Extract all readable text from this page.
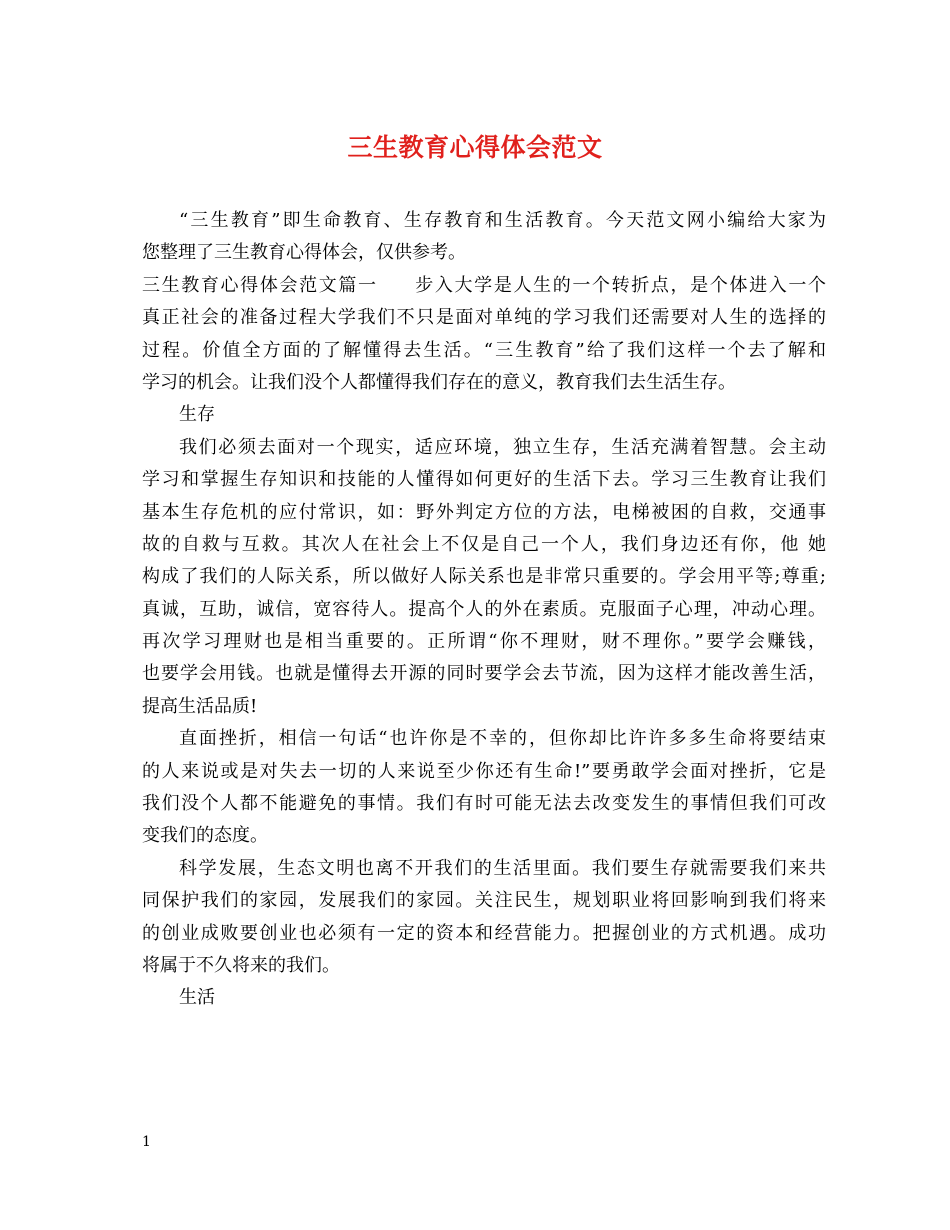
三生教育心得体会范文
“三生教育”即生命教育、生存教育和生活教育。今天范文网小编给大家为
您整理了三生教育心得体会，仅供参考。
三生教育心得体会范文篇一 步入大学是人生的一个转折点，是个体进入一个
真正社会的准备过程大学我们不只是面对单纯的学习我们还需要对人生的选择的
过程。价值全方面的了解懂得去生活。“三生教育”给了我们这样一个去了解和
学习的机会。让我们没个人都懂得我们存在的意义，教育我们去生活生存。
生存
我们必须去面对一个现实，适应环境，独立生存，生活充满着智慧。会主动
学习和掌握生存知识和技能的人懂得如何更好的生活下去。学习三生教育让我们
基本生存危机的应付常识，如：野外判定方位的方法，电梯被困的自救，交通事
故的自救与互救。其次人在社会上不仅是自己一个人，我们身边还有你，他 她
构成了我们的人际关系，所以做好人际关系也是非常只重要的。学会用平等;尊重;
真诚，互助，诚信，宽容待人。提高个人的外在素质。克服面子心理，冲动心理。
再次学习理财也是相当重要的。正所谓“你不理财，财不理你。”要学会赚钱，
也要学会用钱。也就是懂得去开源的同时要学会去节流，因为这样才能改善生活，
提高生活品质!
直面挫折，相信一句话“也许你是不幸的，但你却比许许多多生命将要结束
的人来说或是对失去一切的人来说至少你还有生命!”要勇敢学会面对挫折，它是
我们没个人都不能避免的事情。我们有时可能无法去改变发生的事情但我们可改
变我们的态度。
科学发展，生态文明也离不开我们的生活里面。我们要生存就需要我们来共
同保护我们的家园，发展我们的家园。关注民生，规划职业将回影响到我们将来
的创业成败要创业也必须有一定的资本和经营能力。把握创业的方式机遇。成功
将属于不久将来的我们。
生活
1
